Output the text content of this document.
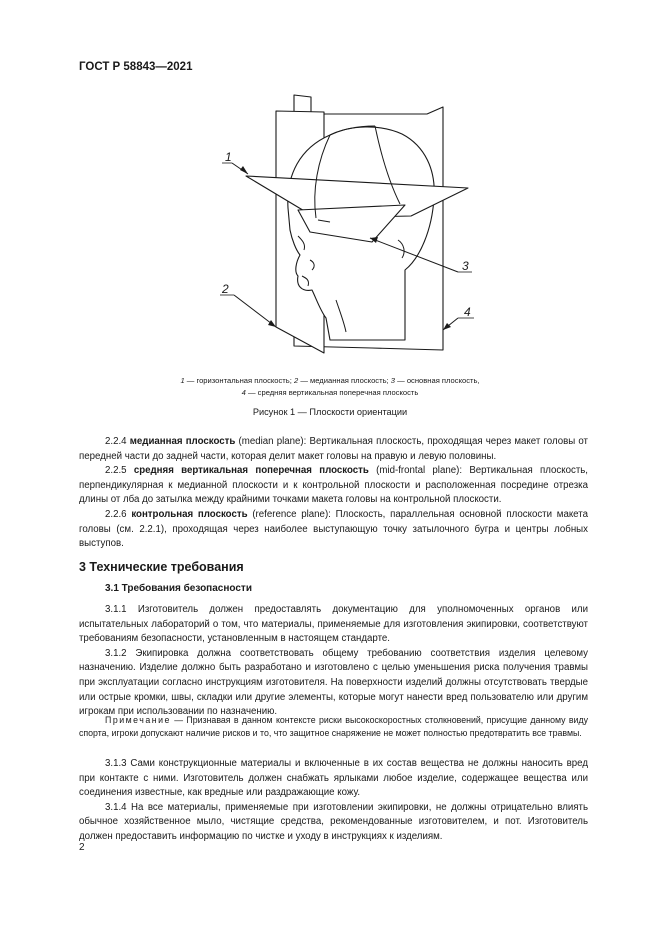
ГОСТ Р 58843—2021
1
2
3
4
1 — горизонтальная плоскость; 2 — медианная плоскость; 3 — основная плоскость,
4 — средняя вертикальная поперечная плоскость
Рисунок 1 — Плоскости ориентации

2.2.4 медианная плоскость (median plane): Вертикальная плоскость, проходящая через макет головы от передней части до задней части, которая делит макет головы на правую и левую половины.

2.2.5 средняя вертикальная поперечная плоскость (mid-frontal plane): Вертикальная плоскость, перпендикулярная к медианной плоскости и к контрольной плоскости и расположенная посредине отрезка длины от лба до затылка между крайними точками макета головы на контрольной плоскости.

2.2.6 контрольная плоскость (reference plane): Плоскость, параллельная основной плоскости макета головы (см. 2.2.1), проходящая через наиболее выступающую точку затылочного бугра и центры лобных выступов.

3 Технические требования
3.1 Требования безопасности

3.1.1 Изготовитель должен предоставлять документацию для уполномоченных органов или испытательных лабораторий о том, что материалы, применяемые для изготовления экипировки, соответствуют требованиям безопасности, установленным в настоящем стандарте.

3.1.2 Экипировка должна соответствовать общему требованию соответствия изделия целевому назначению. Изделие должно быть разработано и изготовлено с целью уменьшения риска получения травмы при эксплуатации согласно инструкциям изготовителя. На поверхности изделий должны отсутствовать твердые или острые кромки, швы, складки или другие элементы, которые могут нанести вред пользователю или другим игрокам при использовании по назначению.

Примечание — Признавая в данном контексте риски высокоскоростных столкновений, присущие данному виду спорта, игроки допускают наличие рисков и то, что защитное снаряжение не может полностью предотвратить все травмы.

3.1.3 Сами конструкционные материалы и включенные в их состав вещества не должны наносить вред при контакте с ними. Изготовитель должен снабжать ярлыками любое изделие, содержащее вещества или соединения известные, как вредные или раздражающие кожу.

3.1.4 На все материалы, применяемые при изготовлении экипировки, не должны отрицательно влиять обычное хозяйственное мыло, чистящие средства, рекомендованные изготовителем, и пот. Изготовитель должен предоставить информацию по чистке и уходу в инструкциях к изделиям.

2
